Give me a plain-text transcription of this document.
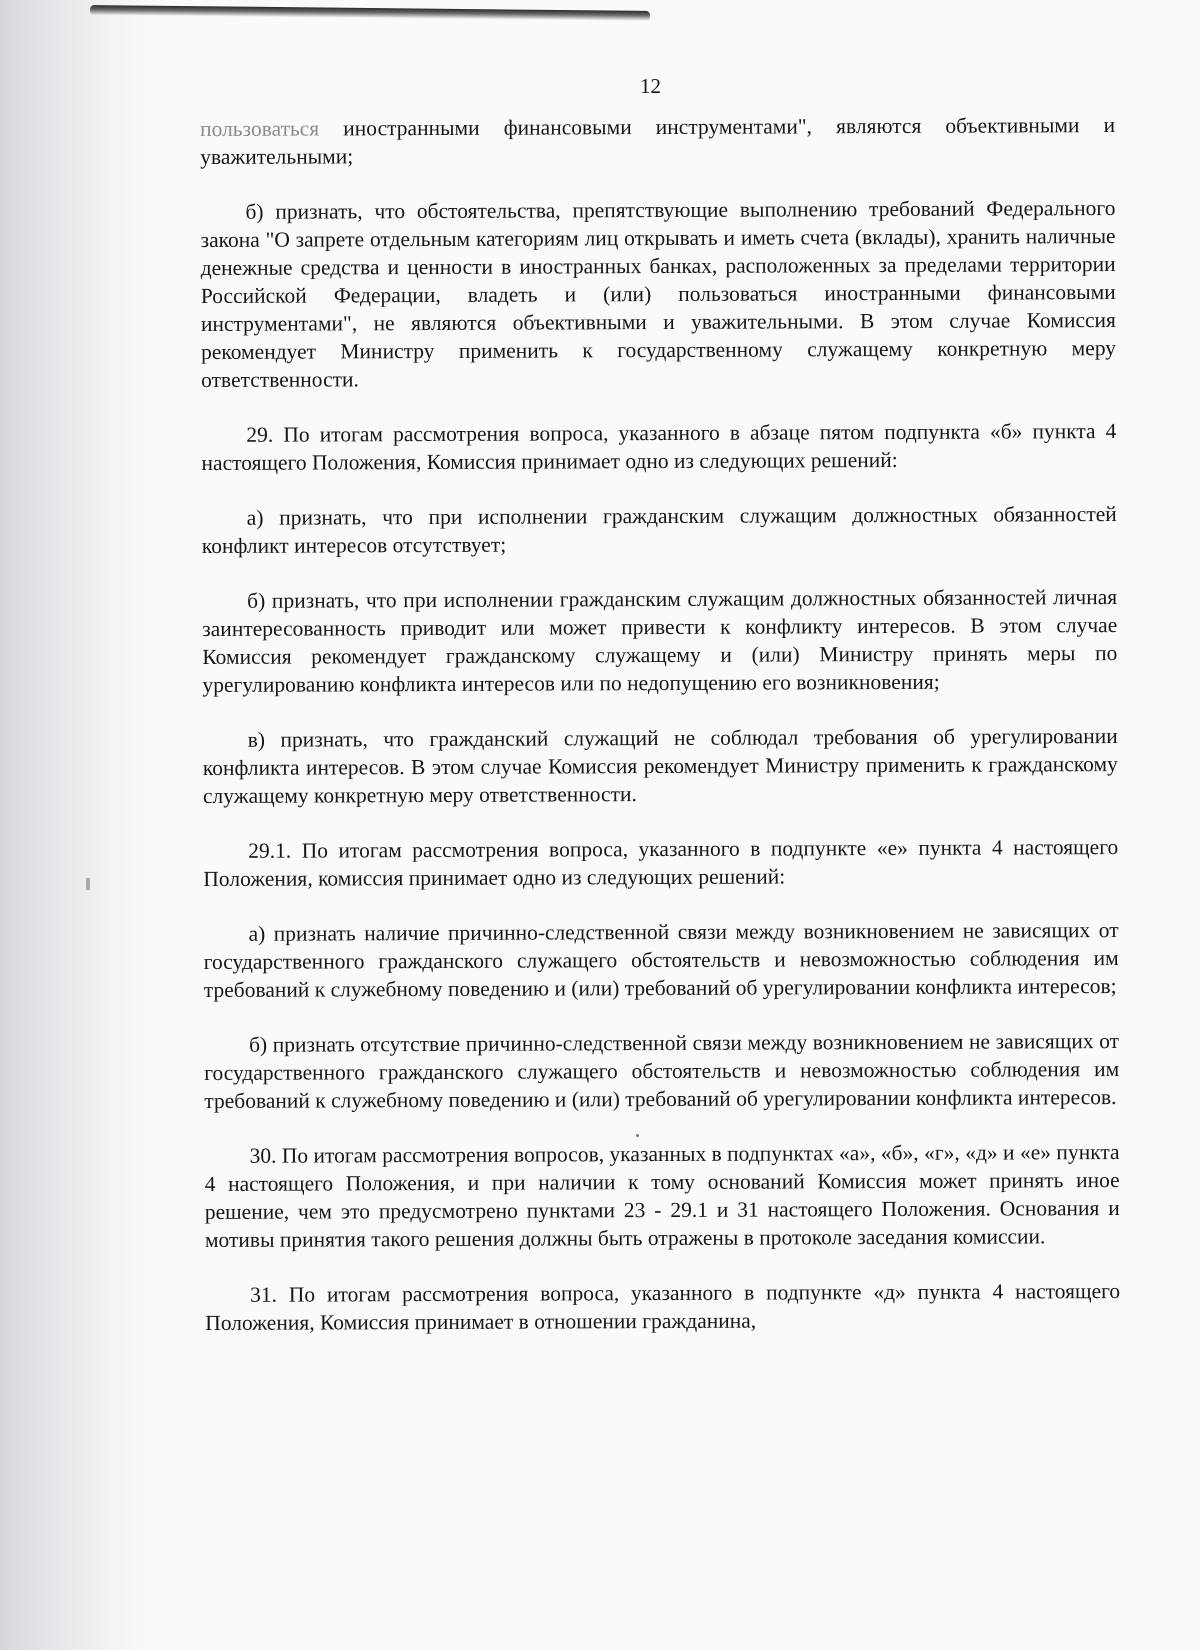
12

пользоваться иностранными финансовыми инструментами", являются объективными и уважительными;

б) признать, что обстоятельства, препятствующие выполнению требований Федерального закона "О запрете отдельным категориям лиц открывать и иметь счета (вклады), хранить наличные денежные средства и ценности в иностранных банках, расположенных за пределами территории Российской Федерации, владеть и (или) пользоваться иностранными финансовыми инструментами", не являются объективными и уважительными. В этом случае Комиссия рекомендует Министру применить к государственному служащему конкретную меру ответственности.

29. По итогам рассмотрения вопроса, указанного в абзаце пятом подпункта «б» пункта 4 настоящего Положения, Комиссия принимает одно из следующих решений:

а) признать, что при исполнении гражданским служащим должностных обязанностей конфликт интересов отсутствует;

б) признать, что при исполнении гражданским служащим должностных обязанностей личная заинтересованность приводит или может привести к конфликту интересов. В этом случае Комиссия рекомендует гражданскому служащему и (или) Министру принять меры по урегулированию конфликта интересов или по недопущению его возникновения;

в) признать, что гражданский служащий не соблюдал требования об урегулировании конфликта интересов. В этом случае Комиссия рекомендует Министру применить к гражданскому служащему конкретную меру ответственности.

29.1. По итогам рассмотрения вопроса, указанного в подпункте «е» пункта 4 настоящего Положения, комиссия принимает одно из следующих решений:

а) признать наличие причинно-следственной связи между возникновением не зависящих от государственного гражданского служащего обстоятельств и невозможностью соблюдения им требований к служебному поведению и (или) требований об урегулировании конфликта интересов;

б) признать отсутствие причинно-следственной связи между возникновением не зависящих от государственного гражданского служащего обстоятельств и невозможностью соблюдения им требований к служебному поведению и (или) требований об урегулировании конфликта интересов.

30. По итогам рассмотрения вопросов, указанных в подпунктах «а», «б», «г», «д» и «е» пункта 4 настоящего Положения, и при наличии к тому оснований Комиссия может принять иное решение, чем это предусмотрено пунктами 23 - 29.1 и 31 настоящего Положения. Основания и мотивы принятия такого решения должны быть отражены в протоколе заседания комиссии.

31. По итогам рассмотрения вопроса, указанного в подпункте «д» пункта 4 настоящего Положения, Комиссия принимает в отношении гражданина,
